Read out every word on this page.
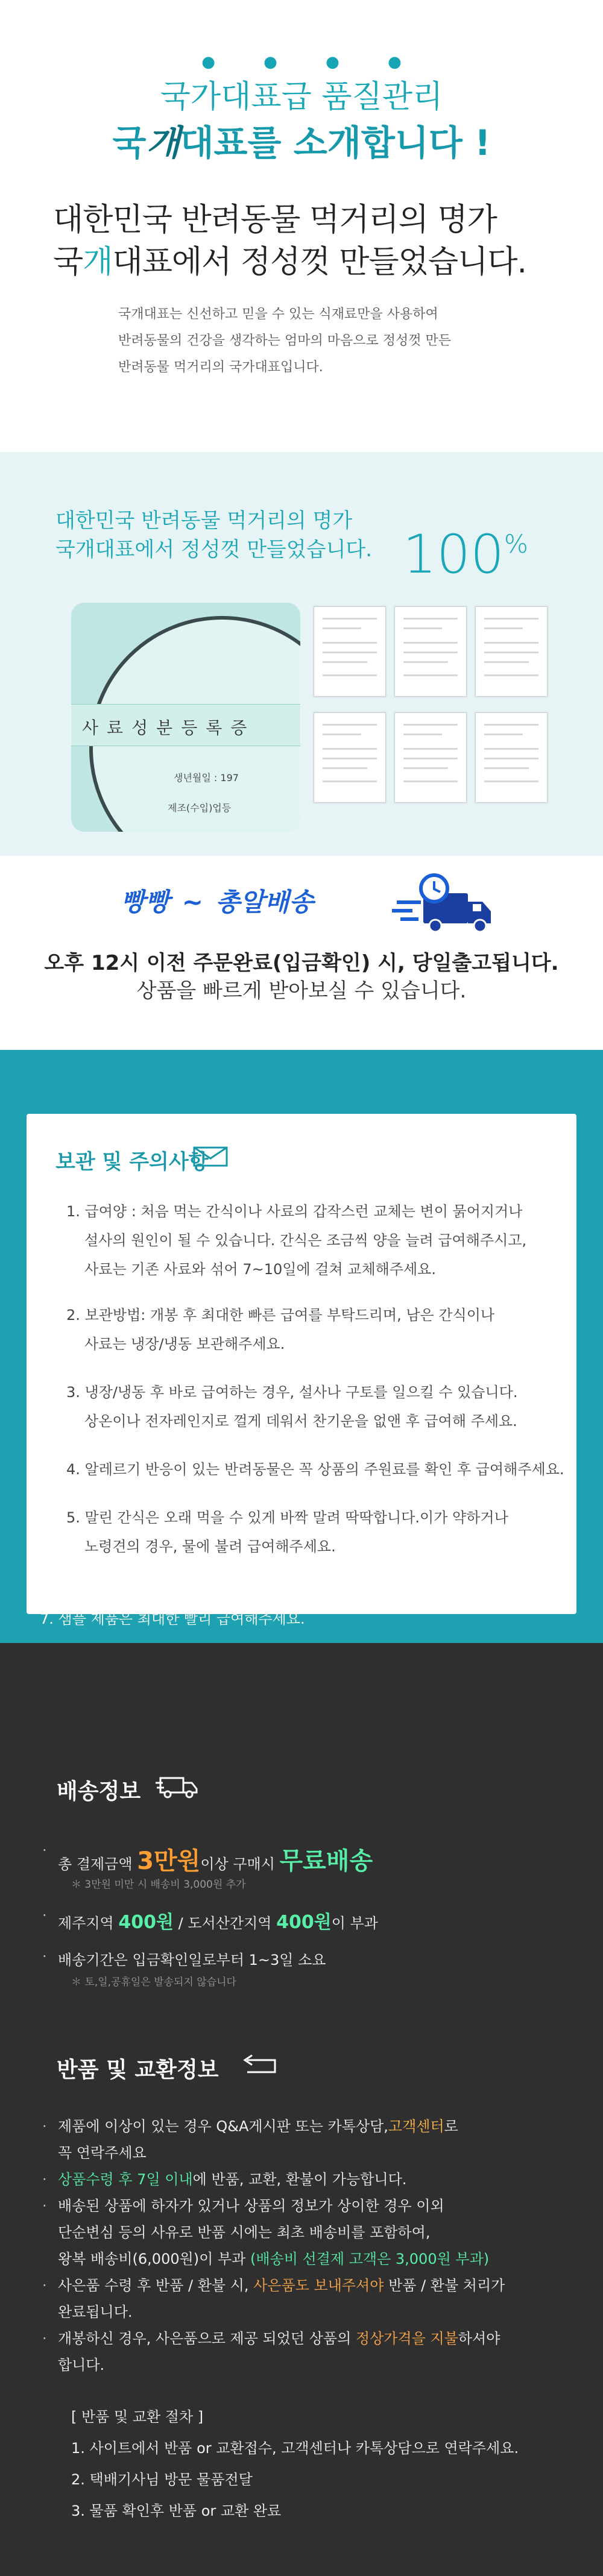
● ● ● ●
국가대표급 품질관리
국개대표를 소개합니다 !
대한민국 반려동물 먹거리의 명가
국개대표에서 정성껏 만들었습니다.
국개대표는 신선하고 믿을 수 있는 식재료만을 사용하여
반려동물의 건강을 생각하는 엄마의 마음으로 정성껏 만든
반려동물 먹거리의 국가대표입니다.
대한민국 반려동물 먹거리의 명가
국개대표에서 정성껏 만들었습니다. 100%
사료성분등록증
생년월일 : 197
제조(수입)업등
빵빵 ~ 총알배송
오후 12시 이전 주문완료(입금확인) 시, 당일출고됩니다.
상품을 빠르게 받아보실 수 있습니다.
보관 및 주의사항
1. 급여양 : 처음 먹는 간식이나 사료의 갑작스런 교체는 변이 묽어지거나
설사의 원인이 될 수 있습니다. 간식은 조금씩 양을 늘려 급여해주시고,
사료는 기존 사료와 섞어 7~10일에 걸쳐 교체해주세요.
2. 보관방법: 개봉 후 최대한 빠른 급여를 부탁드리며, 남은 간식이나
사료는 냉장/냉동 보관해주세요.
3. 냉장/냉동 후 바로 급여하는 경우, 설사나 구토를 일으킬 수 있습니다.
상온이나 전자레인지로 껄게 데워서 찬기운을 없앤 후 급여해 주세요.
4. 알레르기 반응이 있는 반려동물은 꼭 상품의 주원료를 확인 후 급여해주세요.
5. 말린 간식은 오래 먹을 수 있게 바짝 말려 딱딱합니다.이가 약하거나
노령견의 경우, 물에 불려 급여해주세요.
6. 뼈 간식은 한번에 삼키거나 날카롭게 부숴지면 위험할 수 있어 옆에서
지켜봐주세요.
7. 샘플 제품은 최대한 빨리 급여해주세요.
배송정보
· 총 결제금액 3만원이상 구매시 무료배송
＊ 3만원 미만 시 배송비 3,000원 추가
· 제주지역 400원 / 도서산간지역 400원이 부과
· 배송기간은 입금확인일로부터 1~3일 소요
＊ 토,일,공휴일은 발송되지 않습니다
반품 및 교환정보
· 제품에 이상이 있는 경우 Q&A게시판 또는 카톡상담,고객센터로
꼭 연락주세요
· 상품수령 후 7일 이내에 반품, 교환, 환불이 가능합니다.
· 배송된 상품에 하자가 있거나 상품의 정보가 상이한 경우 이외
단순변심 등의 사유로 반품 시에는 최초 배송비를 포함하여,
왕복 배송비(6,000원)이 부과 (배송비 선결제 고객은 3,000원 부과)
· 사은품 수령 후 반품 / 환불 시, 사은품도 보내주셔야 반품 / 환불 처리가
완료됩니다.
· 개봉하신 경우, 사은품으로 제공 되었던 상품의 정상가격을 지불하셔야
합니다.
[ 반품 및 교환 절차 ]
1. 사이트에서 반품 or 교환접수, 고객센터나 카톡상담으로 연락주세요.
2. 택배기사님 방문 물품전달
3. 물품 확인후 반품 or 교환 완료
